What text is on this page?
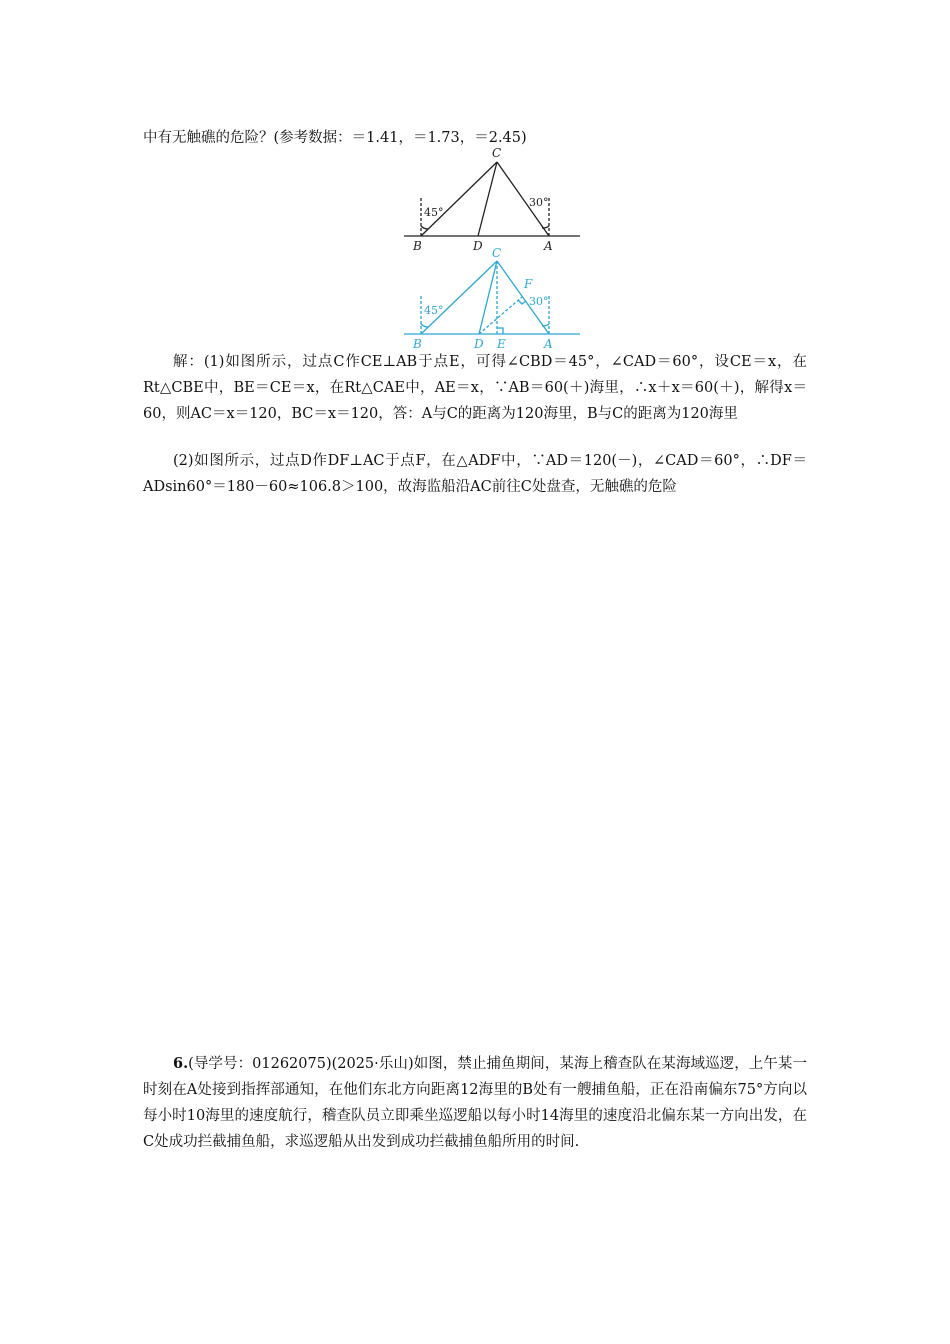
中有无触礁的危险？(参考数据：＝1.41，＝1.73，＝2.45)
C
B	D	A
45°
30°
C
F
B	D E	A
45°
30°
解：(1)如图所示，过点C作CE⊥AB于点E，可得∠CBD＝45°，∠CAD＝60°，设CE＝x，在Rt△CBE中，BE＝CE＝x，在Rt△CAE中，AE＝x，∵AB＝60(＋)海里，∴x＋x＝60(＋)，解得x＝60，则AC＝x＝120，BC＝x＝120，答：A与C的距离为120海里，B与C的距离为120海里
(2)如图所示，过点D作DF⊥AC于点F，在△ADF中，∵AD＝120(－)，∠CAD＝60°，∴DF＝ADsin60°＝180－60≈106.8＞100，故海监船沿AC前往C处盘查，无触礁的危险
6.(导学号：01262075)(2025·乐山)如图，禁止捕鱼期间，某海上稽查队在某海域巡逻，上午某一时刻在A处接到指挥部通知，在他们东北方向距离12海里的B处有一艘捕鱼船，正在沿南偏东75°方向以每小时10海里的速度航行，稽查队员立即乘坐巡逻船以每小时14海里的速度沿北偏东某一方向出发，在C处成功拦截捕鱼船，求巡逻船从出发到成功拦截捕鱼船所用的时间.
